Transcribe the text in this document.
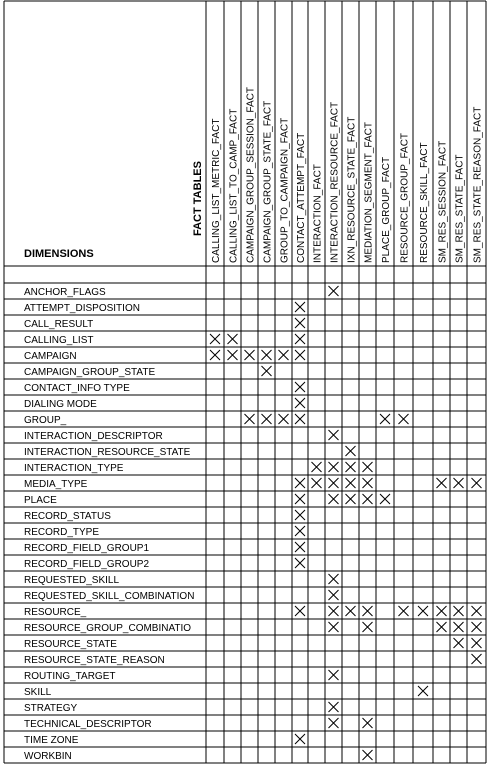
FACT TABLES
DIMENSIONS	CALLING_LIST_METRIC_FACT CALLING_LIST_TO_CAMP_FACT CAMPAIGN_GROUP_SESSION_FACT CAMPAIGN_GROUP_STATE_FACT GROUP_TO_CAMPAIGN_FACT CONTACT_ATTEMPT_FACT INTERACTION_FACT INTERACTION_RESOURCE_FACT IXN_RESOURCE_STATE_FACT MEDIATION_SEGMENT_FACT PLACE_GROUP_FACT RESOURCE_GROUP_FACT RESOURCE_SKILL_FACT SM_RES_SESSION_FACT SM_RES_STATE_FACT SM_RES_STATE_REASON_FACT
ANCHOR_FLAGS
ATTEMPT_DISPOSITION
CALL_RESULT
CALLING_LIST
CAMPAIGN
CAMPAIGN_GROUP_STATE
CONTACT_INFO TYPE
DIALING MODE
GROUP_
INTERACTION_DESCRIPTOR
INTERACTION_RESOURCE_STATE
INTERACTION_TYPE
MEDIA_TYPE
PLACE
RECORD_STATUS
RECORD_TYPE
RECORD_FIELD_GROUP1
RECORD_FIELD_GROUP2
REQUESTED_SKILL
REQUESTED_SKILL_COMBINATION
RESOURCE_
RESOURCE_GROUP_COMBINATIO
RESOURCE_STATE
RESOURCE_STATE_REASON
ROUTING_TARGET
SKILL
STRATEGY
TECHNICAL_DESCRIPTOR
TIME ZONE
WORKBIN
